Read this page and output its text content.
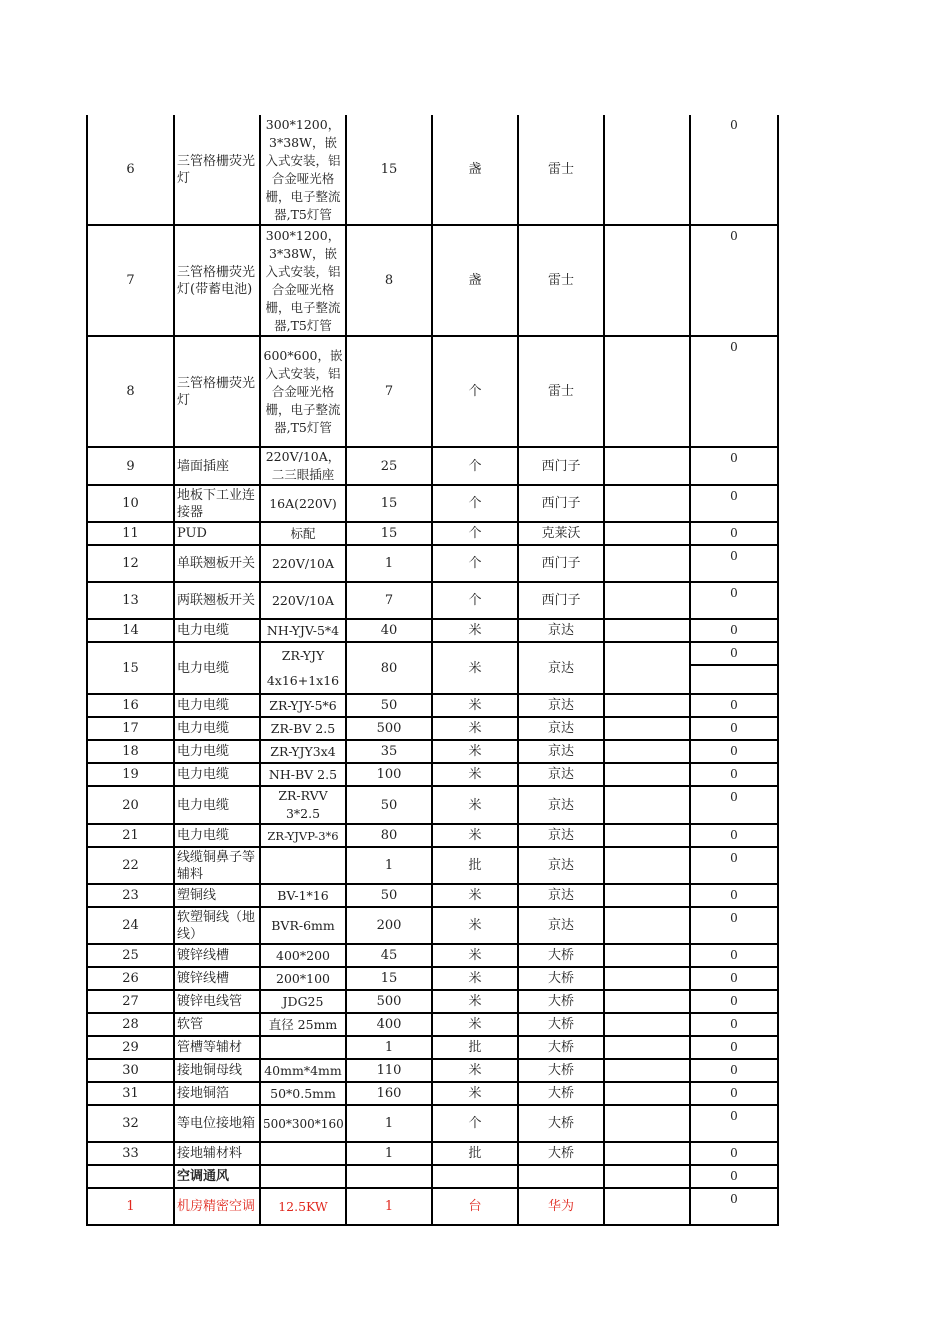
6	三管格栅荧光灯	300*1200，3*38W，嵌入式安装，铝合金哑光格栅，电子整流器,T5灯管	15	盏	雷士		0
7	三管格栅荧光灯(带蓄电池)	300*1200，3*38W，嵌入式安装，铝合金哑光格栅，电子整流器,T5灯管	8	盏	雷士		0
8	三管格栅荧光灯	600*600，嵌入式安装，铝合金哑光格栅，电子整流器,T5灯管	7	个	雷士		0
9	墙面插座	220V/10A，二三眼插座	25	个	西门子		0
10	地板下工业连接器	16A(220V)	15	个	西门子		0
11	PUD	标配	15	个	克莱沃		0
12	单联翘板开关	220V/10A	1	个	西门子		0
13	两联翘板开关	220V/10A	7	个	西门子		0
14	电力电缆	NH-YJV-5*4	40	米	京达		0
15	电力电缆	ZR-YJY 4x16+1x16	80	米	京达		0

16	电力电缆	ZR-YJY-5*6	50	米	京达		0
17	电力电缆	ZR-BV 2.5	500	米	京达		0
18	电力电缆	ZR-YJY3x4	35	米	京达		0
19	电力电缆	NH-BV 2.5	100	米	京达		0
20	电力电缆	ZR-RVV 3*2.5	50	米	京达		0
21	电力电缆	ZR-YJVP-3*6	80	米	京达		0
22	线缆铜鼻子等辅料		1	批	京达		0
23	塑铜线	BV-1*16	50	米	京达		0
24	软塑铜线（地线）	BVR-6mm	200	米	京达		0
25	镀锌线槽	400*200	45	米	大桥		0
26	镀锌线槽	200*100	15	米	大桥		0
27	镀锌电线管	JDG25	500	米	大桥		0
28	软管	直径 25mm	400	米	大桥		0
29	管槽等辅材		1	批	大桥		0
30	接地铜母线	40mm*4mm	110	米	大桥		0
31	接地铜箔	50*0.5mm	160	米	大桥		0
32	等电位接地箱	500*300*160	1	个	大桥		0
33	接地辅材料		1	批	大桥		0
	空调通风						0
1	机房精密空调	12.5KW	1	台	华为		0
